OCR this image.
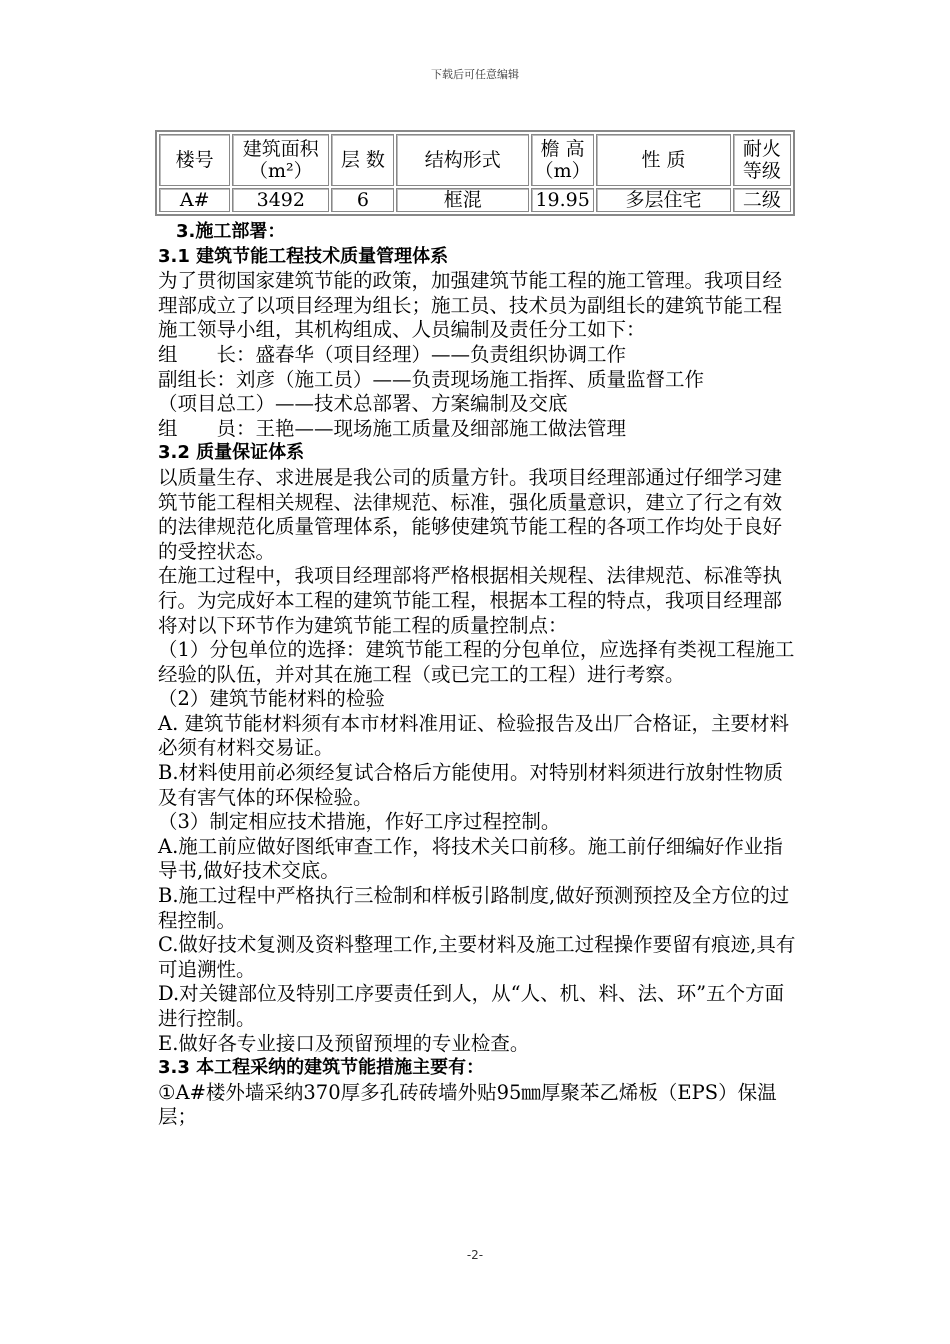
下载后可任意编辑
楼号	建筑面积（m²）	层 数	结构形式	檐 高（m）	性 质	耐火等级
A#	3492	6	框混	19.95	多层住宅	二级

3.施工部署：

3.1 建筑节能工程技术质量管理体系

为了贯彻国家建筑节能的政策，加强建筑节能工程的施工管理。我项目经理部成立了以项目经理为组长；施工员、技术员为副组长的建筑节能工程施工领导小组，其机构组成、人员编制及责任分工如下：

组　　长：盛春华（项目经理）——负责组织协调工作

副组长：刘彦（施工员）——负责现场施工指挥、质量监督工作

（项目总工）——技术总部署、方案编制及交底

组　　员：王艳——现场施工质量及细部施工做法管理

3.2 质量保证体系

以质量生存、求进展是我公司的质量方针。我项目经理部通过仔细学习建筑节能工程相关规程、法律规范、标准，强化质量意识，建立了行之有效的法律规范化质量管理体系，能够使建筑节能工程的各项工作均处于良好的受控状态。

在施工过程中，我项目经理部将严格根据相关规程、法律规范、标准等执行。为完成好本工程的建筑节能工程，根据本工程的特点，我项目经理部将对以下环节作为建筑节能工程的质量控制点：

（1）分包单位的选择：建筑节能工程的分包单位，应选择有类视工程施工经验的队伍，并对其在施工程（或已完工的工程）进行考察。

（2）建筑节能材料的检验

A. 建筑节能材料须有本市材料准用证、检验报告及出厂合格证，主要材料必须有材料交易证。

B.材料使用前必须经复试合格后方能使用。对特别材料须进行放射性物质及有害气体的环保检验。

（3）制定相应技术措施，作好工序过程控制。

A.施工前应做好图纸审查工作，将技术关口前移。施工前仔细编好作业指导书,做好技术交底。

B.施工过程中严格执行三检制和样板引路制度,做好预测预控及全方位的过程控制。

C.做好技术复测及资料整理工作,主要材料及施工过程操作要留有痕迹,具有可追溯性。

D.对关键部位及特别工序要责任到人，从“人、机、料、法、环”五个方面进行控制。

E.做好各专业接口及预留预埋的专业检查。

3.3 本工程采纳的建筑节能措施主要有：

①A#楼外墙采纳370厚多孔砖砖墙外贴95㎜厚聚苯乙烯板（EPS）保温层；

-2-
